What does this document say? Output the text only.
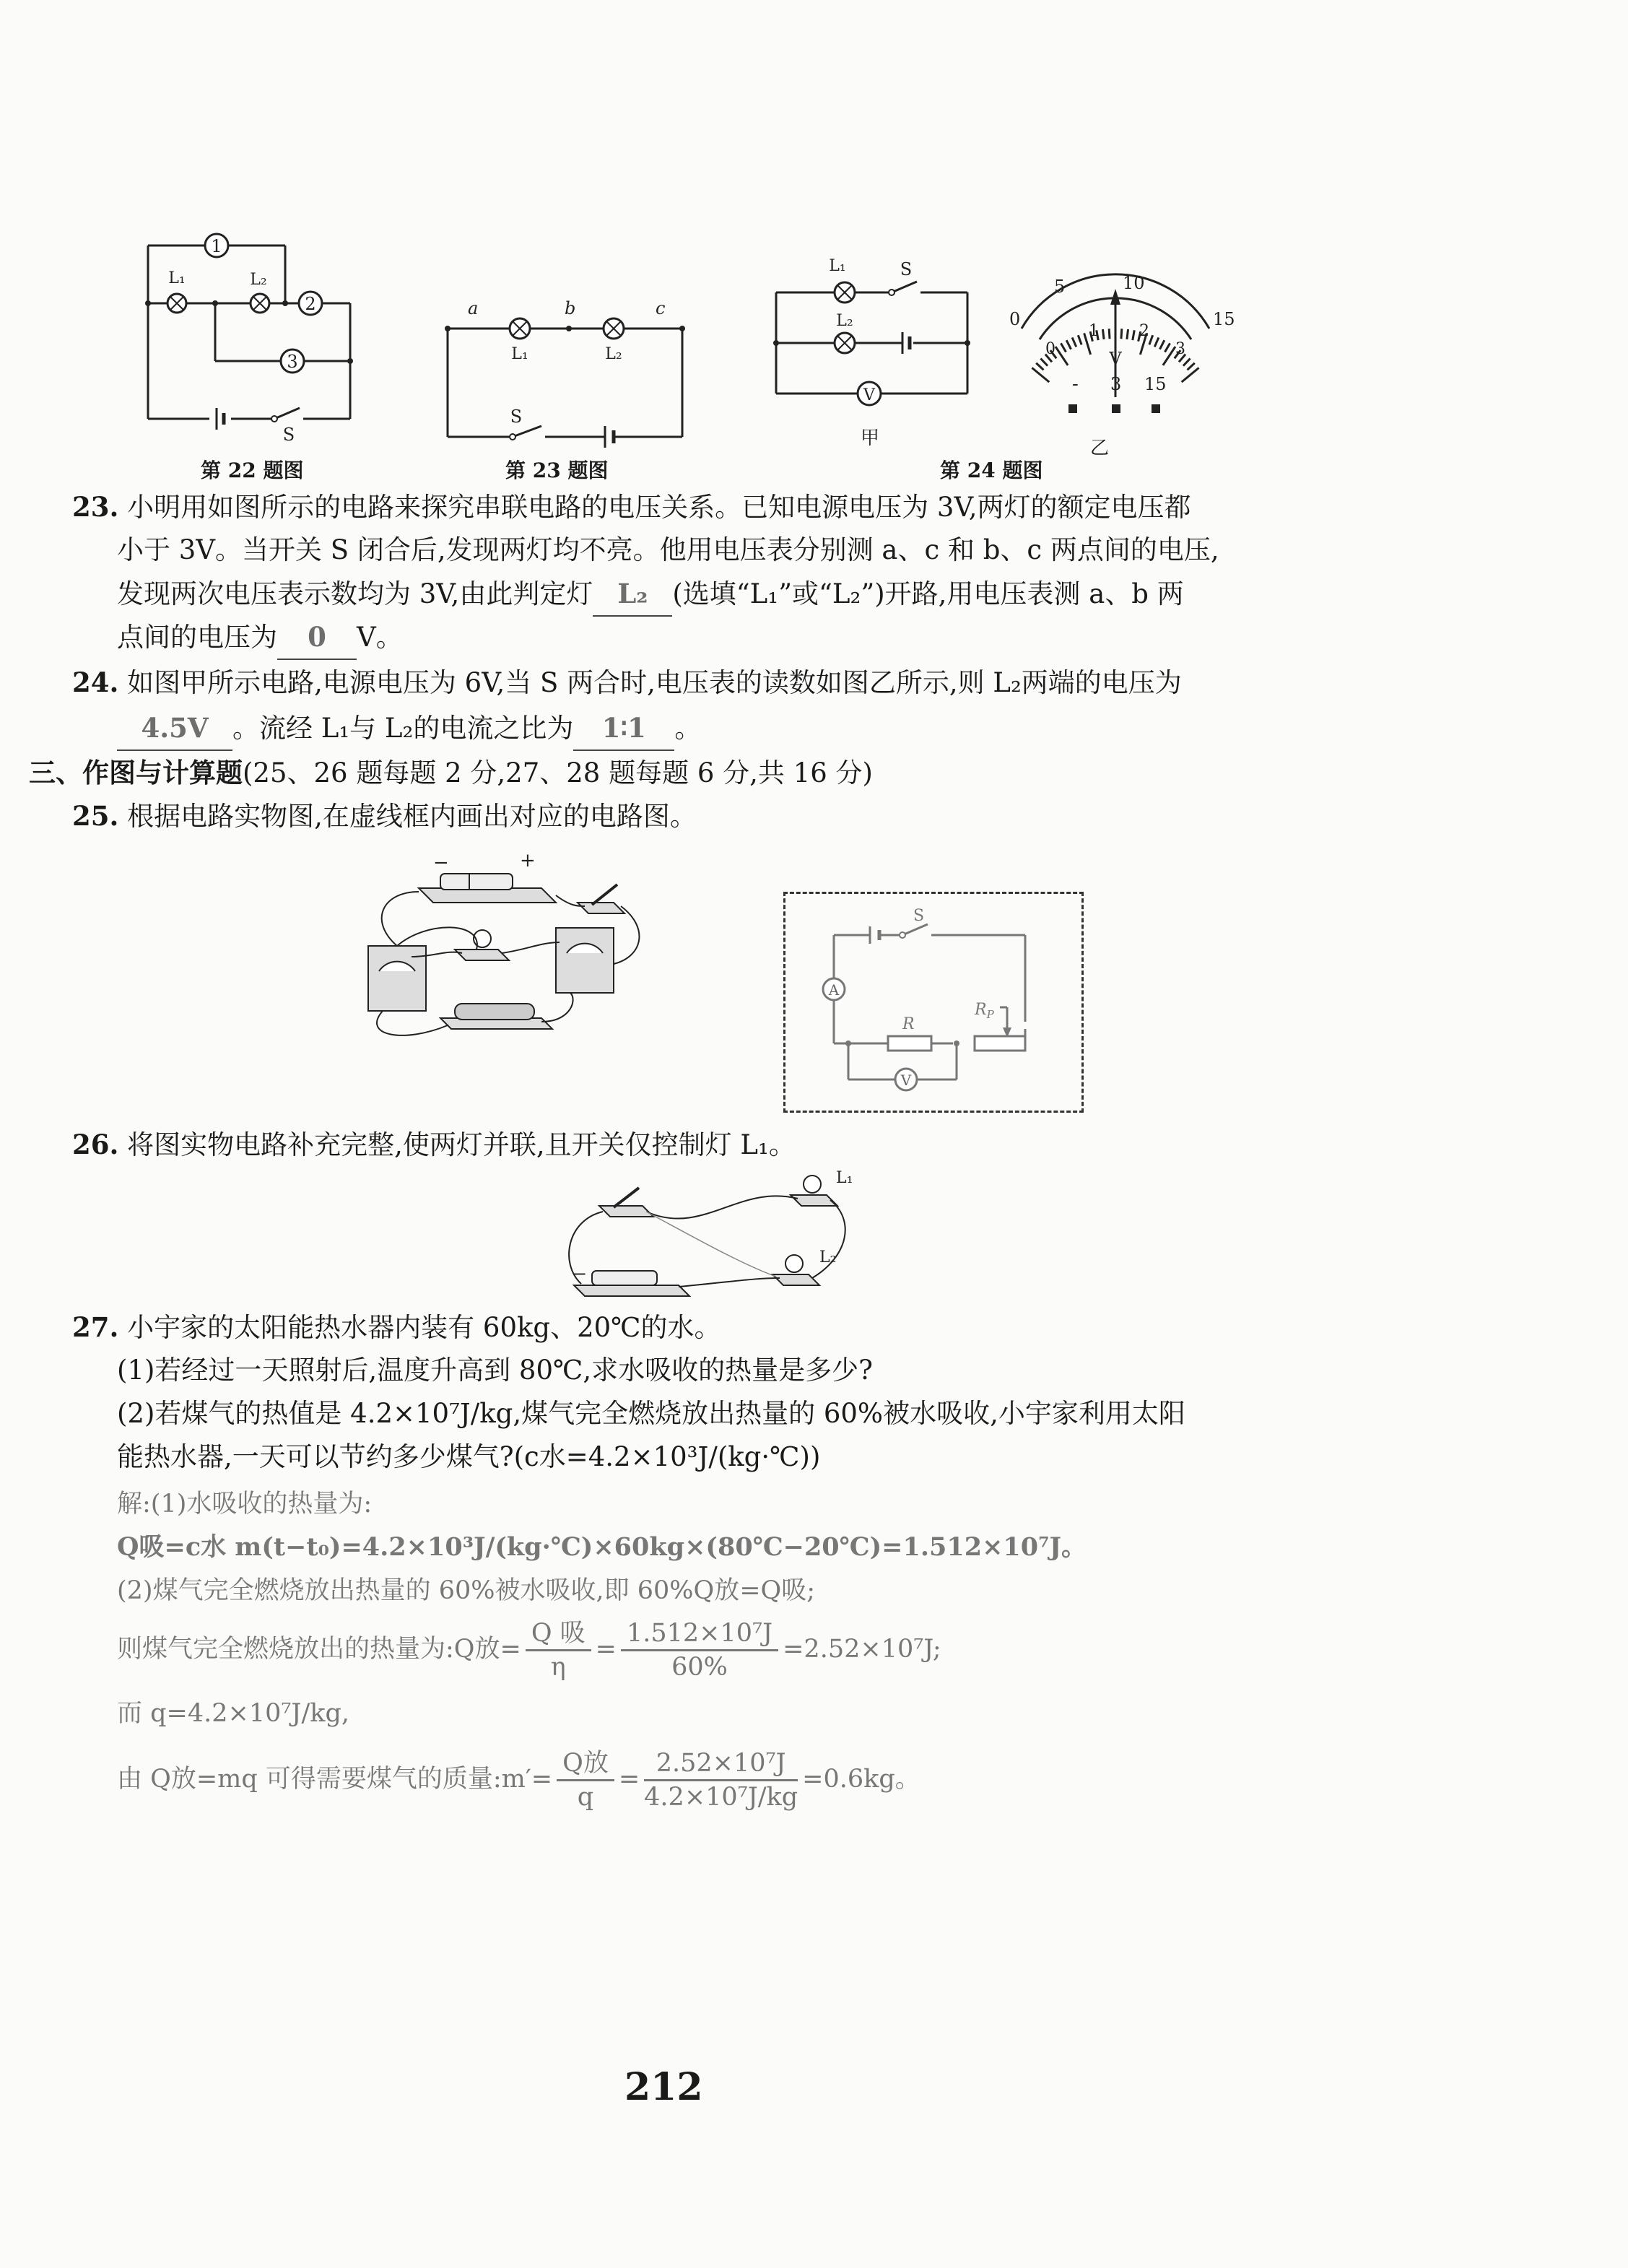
1
L₁	L₂
2
3
S
第 22 题图
a	b	c
L₁	L₂
S
第 23 题图
V
L₁
L₂
S
甲
0
5	10
15
0
1	2
3
V
- 3 15
乙
第 24 题图
23. 小明用如图所示的电路来探究串联电路的电压关系。已知电源电压为 3V,两灯的额定电压都
小于 3V。当开关 S 闭合后,发现两灯均不亮。他用电压表分别测 a、c 和 b、c 两点间的电压,
发现两次电压表示数均为 3V,由此判定灯 L₂ (选填“L₁”或“L₂”)开路,用电压表测 a、b 两
点间的电压为 0 V。
24. 如图甲所示电路,电源电压为 6V,当 S 两合时,电压表的读数如图乙所示,则 L₂两端的电压为
4.5V 。流经 L₁与 L₂的电流之比为 1∶1 。
三、作图与计算题(25、26 题每题 2 分,27、28 题每题 6 分,共 16 分)
25. 根据电路实物图,在虚线框内画出对应的电路图。
−	+
A
V
S
R
$R_P$
26. 将图实物电路补充完整,使两灯并联,且开关仅控制灯 L₁。
L₁
L₂
−
27. 小宇家的太阳能热水器内装有 60kg、20℃的水。
(1)若经过一天照射后,温度升高到 80℃,求水吸收的热量是多少?
(2)若煤气的热值是 4.2×10⁷J/kg,煤气完全燃烧放出热量的 60%被水吸收,小宇家利用太阳
能热水器,一天可以节约多少煤气?(c水=4.2×10³J/(kg·℃))
解:(1)水吸收的热量为:
Q吸=c水 m(t−t₀)=4.2×10³J/(kg·℃)×60kg×(80℃−20℃)=1.512×10⁷J。
(2)煤气完全燃烧放出热量的 60%被水吸收,即 60%Q放=Q吸;
则煤气完全燃烧放出的热量为:Q放= $\frac{\text{Q 吸}}{\eta} = \frac{\text{1.512×10⁷J}}{60\%} =2.52\times 10^7J$;
而 q=4.2×10⁷J/kg,
由 Q放=mq 可得需要煤气的质量:m′= $\frac{\text{Q放}}{q} = \frac{\text{2.52×10⁷J}}{\text{4.2×10⁷J/kg}} =0.6kg$。
212
